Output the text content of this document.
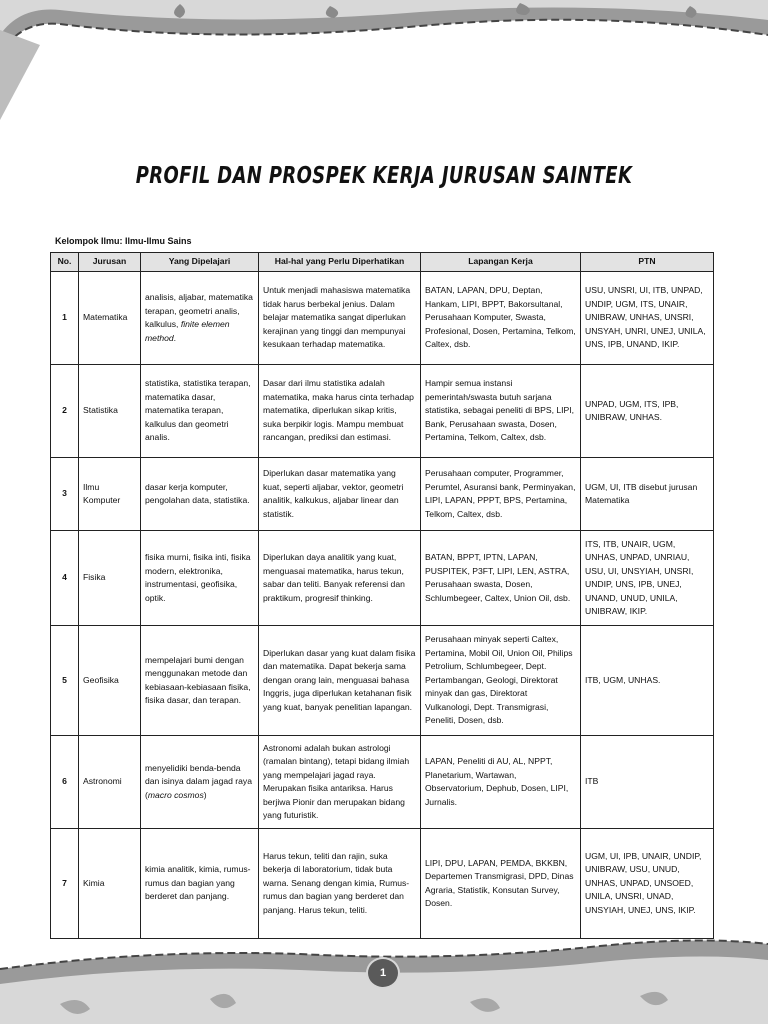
PROFIL DAN PROSPEK KERJA JURUSAN SAINTEK
Kelompok Ilmu: Ilmu-Ilmu Sains
No.	Jurusan	Yang Dipelajari	Hal-hal yang Perlu Diperhatikan	Lapangan Kerja	PTN
1	Matematika	analisis, aljabar, matematika terapan, geometri analis, kalkulus, finite elemen method.	Untuk menjadi mahasiswa matematika tidak harus berbekal jenius. Dalam belajar matematika sangat diperlukan kerajinan yang tinggi dan mempunyai kesukaan terhadap matematika.	BATAN, LAPAN, DPU, Deptan, Hankam, LIPI, BPPT, Bakorsultanal, Perusahaan Komputer, Swasta, Profesional, Dosen, Pertamina, Telkom, Caltex, dsb.	USU, UNSRI, UI, ITB, UNPAD, UNDIP, UGM, ITS, UNAIR, UNIBRAW, UNHAS, UNSRI, UNSYAH, UNRI, UNEJ, UNILA, UNS, IPB, UNAND, IKIP.
2	Statistika	statistika, statistika terapan, matematika dasar, matematika terapan, kalkulus dan geometri analis.	Dasar dari ilmu statistika adalah matematika, maka harus cinta terhadap matematika, diperlukan sikap kritis, suka berpikir logis. Mampu membuat rancangan, prediksi dan estimasi.	Hampir semua instansi pemerintah/swasta butuh sarjana statistika, sebagai peneliti di BPS, LIPI, Bank, Perusahaan swasta, Dosen, Pertamina, Telkom, Caltex, dsb.	UNPAD, UGM, ITS, IPB, UNIBRAW, UNHAS.
3	Ilmu Komputer	dasar kerja komputer, pengolahan data, statistika.	Diperlukan dasar matematika yang kuat, seperti aljabar, vektor, geometri analitik, kalkukus, aljabar linear dan statistik.	Perusahaan computer, Programmer, Perumtel, Asuransi bank, Perminyakan, LIPI, LAPAN, PPPT, BPS, Pertamina, Telkom, Caltex, dsb.	UGM, UI, ITB disebut jurusan Matematika
4	Fisika	fisika murni, fisika inti, fisika modern, elektronika, instrumentasi, geofisika, optik.	Diperlukan daya analitik yang kuat, menguasai matematika, harus tekun, sabar dan teliti. Banyak referensi dan praktikum, progresif thinking.	BATAN, BPPT, IPTN, LAPAN, PUSPITEK, P3FT, LIPI, LEN, ASTRA, Perusahaan swasta, Dosen, Schlumbegeer, Caltex, Union Oil, dsb.	ITS, ITB, UNAIR, UGM, UNHAS, UNPAD, UNRIAU, USU, UI, UNSYIAH, UNSRI, UNDIP, UNS, IPB, UNEJ, UNAND, UNUD, UNILA, UNIBRAW, IKIP.
5	Geofisika	mempelajari bumi dengan menggunakan metode dan kebiasaan-kebiasaan fisika, fisika dasar, dan terapan.	Diperlukan dasar yang kuat dalam fisika dan matematika. Dapat bekerja sama dengan orang lain, menguasai bahasa Inggris, juga diperlukan ketahanan fisik yang kuat, banyak penelitian lapangan.	Perusahaan minyak seperti Caltex, Pertamina, Mobil Oil, Union Oil, Philips Petrolium, Schlumbegeer, Dept. Pertambangan, Geologi, Direktorat minyak dan gas, Direktorat Vulkanologi, Dept. Transmigrasi, Peneliti, Dosen, dsb.	ITB, UGM, UNHAS.
6	Astronomi	menyelidiki benda-benda dan isinya dalam jagad raya (macro cosmos)	Astronomi adalah bukan astrologi (ramalan bintang), tetapi bidang ilmiah yang mempelajari jagad raya. Merupakan fisika antariksa. Harus berjiwa Pionir dan merupakan bidang yang futuristik.	LAPAN, Peneliti di AU, AL, NPPT, Planetarium, Wartawan, Observatorium, Dephub, Dosen, LIPI, Jurnalis.	ITB
7	Kimia	kimia analitik, kimia, rumus-rumus dan bagian yang berderet dan panjang.	Harus tekun, teliti dan rajin, suka bekerja di laboratorium, tidak buta warna. Senang dengan kimia, Rumus-rumus dan bagian yang berderet dan panjang. Harus tekun, teliti.	LIPI, DPU, LAPAN, PEMDA, BKKBN, Departemen Transmigrasi, DPD, Dinas Agraria, Statistik, Konsutan Survey, Dosen.	UGM, UI, IPB, UNAIR, UNDIP, UNIBRAW, USU, UNUD, UNHAS, UNPAD, UNSOED, UNILA, UNSRI, UNAD, UNSYIAH, UNEJ, UNS, IKIP.
1
